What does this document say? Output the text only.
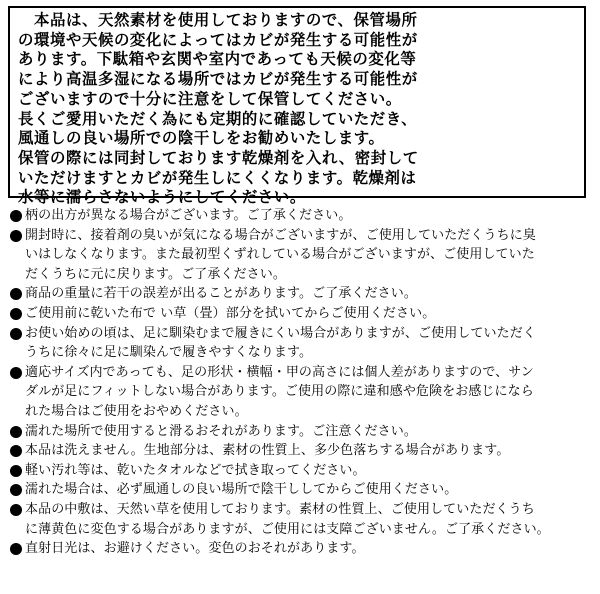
　本品は、天然素材を使用しておりますので、保管場所
の環境や天候の変化によってはカビが発生する可能性が
あります。下駄箱や玄関や室内であっても天候の変化等
により高温多湿になる場所ではカビが発生する可能性が
ございますので十分に注意をして保管してください。
長くご愛用いただく為にも定期的に確認していただき、
風通しの良い場所での陰干しをお勧めいたします。
保管の際には同封しております乾燥剤を入れ、密封して
いただけますとカビが発生しにくくなります。乾燥剤は
水等に濡らさないようにしてください。

柄の出方が異なる場合がございます。ご了承ください。
開封時に、接着剤の臭いが気になる場合がございますが、ご使用していただくうちに臭
いはしなくなります。また最初型くずれしている場合がございますが、ご使用していた
だくうちに元に戻ります。ご了承ください。
商品の重量に若干の誤差が出ることがあります。ご了承ください。
ご使用前に乾いた布で い草（畳）部分を拭いてからご使用ください。
お使い始めの頃は、足に馴染むまで履きにくい場合がありますが、ご使用していただく
うちに徐々に足に馴染んで履きやすくなります。
適応サイズ内であっても、足の形状・横幅・甲の高さには個人差がありますので、サン
ダルが足にフィットしない場合があります。ご使用の際に違和感や危険をお感じになら
れた場合はご使用をおやめください。
濡れた場所で使用すると滑るおそれがあります。ご注意ください。
本品は洗えません。生地部分は、素材の性質上、多少色落ちする場合があります。
軽い汚れ等は、乾いたタオルなどで拭き取ってください。
濡れた場合は、必ず風通しの良い場所で陰干ししてからご使用ください。
本品の中敷は、天然い草を使用しております。素材の性質上、ご使用していただくうち
に薄黄色に変色する場合がありますが、ご使用には支障ございません。ご了承ください。
直射日光は、お避けください。変色のおそれがあります。
